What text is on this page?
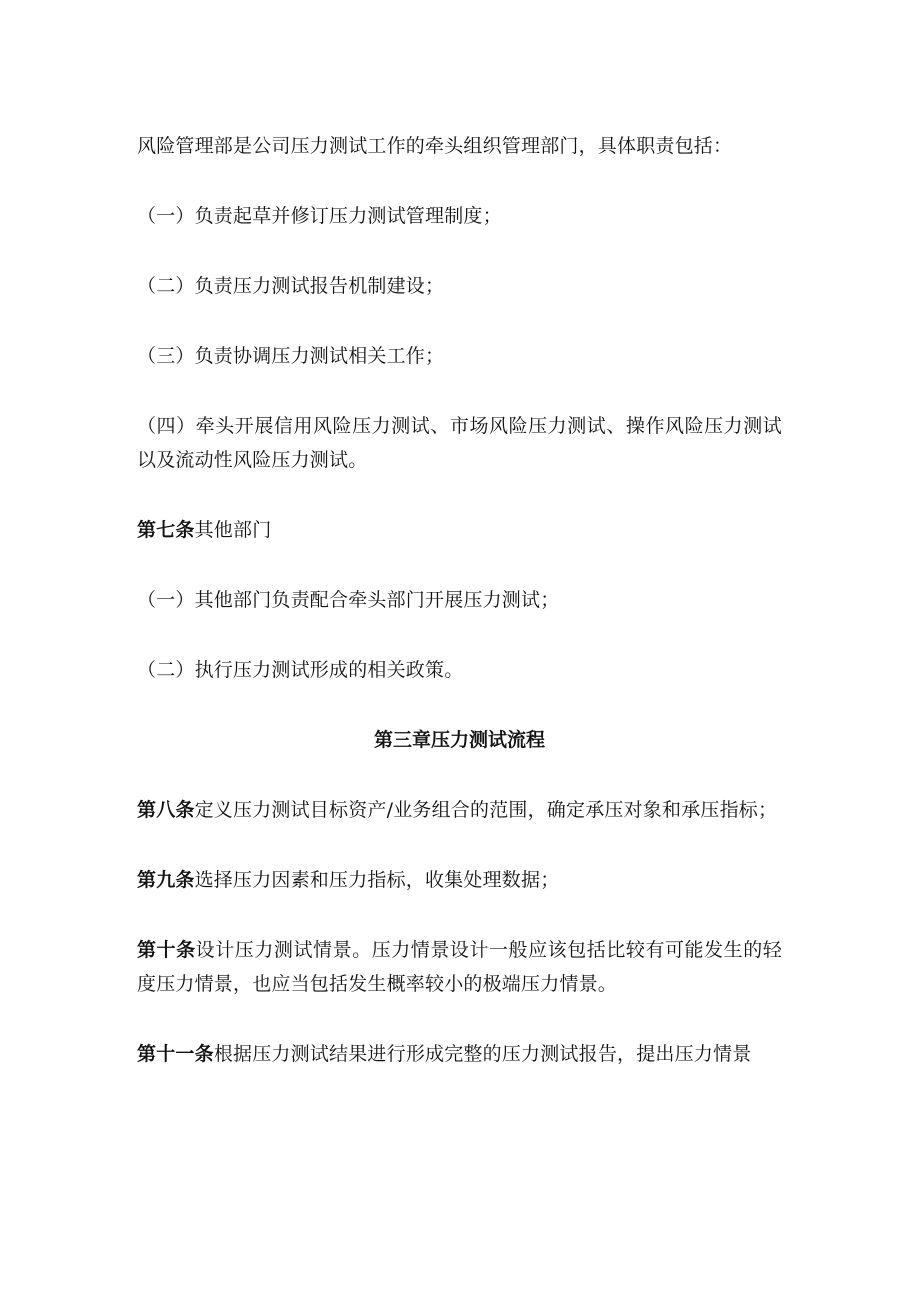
风险管理部是公司压力测试工作的牵头组织管理部门，具体职责包括：

（一）负责起草并修订压力测试管理制度；

（二）负责压力测试报告机制建设；

（三）负责协调压力测试相关工作；

（四）牵头开展信用风险压力测试、市场风险压力测试、操作风险压力测试以及流动性风险压力测试。

第七条其他部门

（一）其他部门负责配合牵头部门开展压力测试；

（二）执行压力测试形成的相关政策。

第三章压力测试流程

第八条定义压力测试目标资产/业务组合的范围，确定承压对象和承压指标；

第九条选择压力因素和压力指标，收集处理数据；

第十条设计压力测试情景。压力情景设计一般应该包括比较有可能发生的轻度压力情景，也应当包括发生概率较小的极端压力情景。

第十一条根据压力测试结果进行形成完整的压力测试报告，提出压力情景
